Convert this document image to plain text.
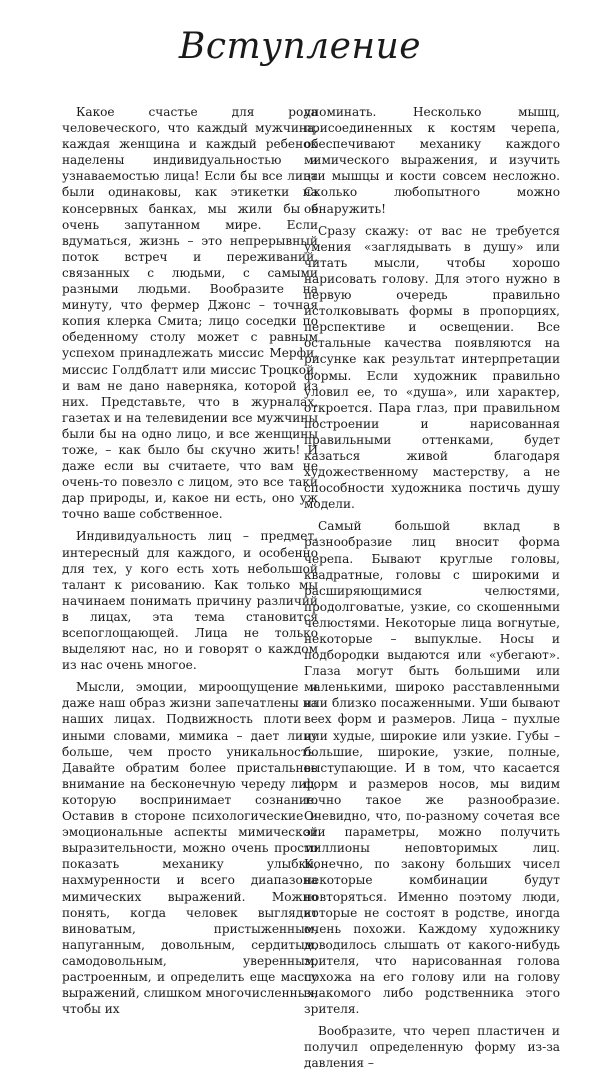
Вступление

Какое счастье для рода человеческого, что каждый мужчина, каждая женщина и каждый ребенок наделены индивидуальностью и узнаваемостью лица! Если бы все лица были одинаковы, как этикетки на консервных банках, мы жили бы в очень запутанном мире. Если вдуматься, жизнь – это непрерывный поток встреч и переживаний, связанных с людьми, с самыми разными людьми. Вообразите на минуту, что фермер Джонс – точная копия клерка Смита; лицо соседки по обеденному столу может с равным успехом принадлежать миссис Мерфи, миссис Голдблатт или миссис Троцкой, и вам не дано наверняка, которой из них. Представьте, что в журналах, газетах и на телевидении все мужчины были бы на одно лицо, и все женщины тоже, – как было бы скучно жить! И даже если вы считаете, что вам не очень-то повезло с лицом, это все таки дар природы, и, какое ни есть, оно уж точно ваше собственное.

Индивидуальность лиц – предмет, интересный для каждого, и особенно для тех, у кого есть хоть небольшой талант к рисованию. Как только мы начинаем понимать причину различий в лицах, эта тема становится всепоглощающей. Лица не только выделяют нас, но и говорят о каждом из нас очень многое.

Мысли, эмоции, мироощущение и даже наш образ жизни запечатлены на наших лицах. Подвижность плоти – иными словами, мимика – дает лицу больше, чем просто уникальность. Давайте обратим более пристальное внимание на бесконечную череду лиц, которую воспринимает сознание. Оставив в стороне психологические и эмоциональные аспекты мимической выразительности, можно очень просто показать механику улыбки, нахмуренности и всего диапазона мимических выражений. Можно понять, когда человек выглядит виноватым, пристыженным, напуганным, довольным, сердитым, самодовольным, уверенным, растроенным, и определить еще массу выражений, слишком многочисленных, чтобы их

упоминать. Несколько мышц, присоединенных к костям черепа, обеспечивают механику каждого мимического выражения, и изучить эти мышцы и кости совсем несложно. Сколько любопытного можно обнаружить!

Сразу скажу: от вас не требуется умения «заглядывать в душу» или читать мысли, чтобы хорошо нарисовать голову. Для этого нужно в первую очередь правильно истолковывать формы в пропорциях, перспективе и освещении. Все остальные качества появляются на рисунке как результат интерпретации формы. Если художник правильно уловил ее, то «душа», или характер, откроется. Пара глаз, при правильном построении и нарисованная правильными оттенками, будет казаться живой благодаря художественному мастерству, а не способности художника постичь душу модели.

Самый большой вклад в разнообразие лиц вносит форма черепа. Бывают круглые головы, квадратные, головы с широкими и расширяющимися челюстями, продолговатые, узкие, со скошенными челюстями. Некоторые лица вогнутые, некоторые – выпуклые. Носы и подбородки выдаются или «убегают». Глаза могут быть большими или маленькими, широко расставленными или близко посаженными. Уши бывают всех форм и размеров. Лица – пухлые или худые, широкие или узкие. Губы – большие, широкие, узкие, полные, выступающие. И в том, что касается форм и размеров носов, мы видим точно такое же разнообразие. Очевидно, что, по-разному сочетая все эти параметры, можно получить миллионы неповторимых лиц. Конечно, по закону больших чисел некоторые комбинации будут повторяться. Именно поэтому люди, которые не состоят в родстве, иногда очень похожи. Каждому художнику доводилось слышать от какого-нибудь зрителя, что нарисованная голова похожа на его голову или на голову знакомого либо родственника этого зрителя.

Вообразите, что череп пластичен и получил определенную форму из-за давления –
